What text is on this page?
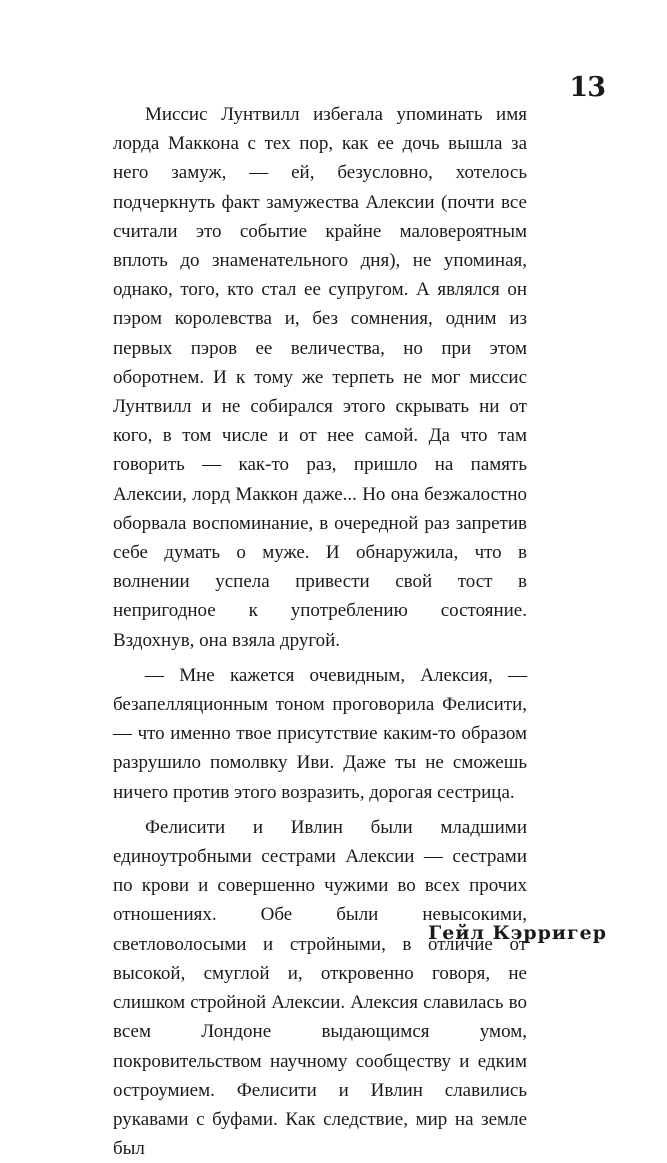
13

Миссис Лунтвилл избегала упоминать имя лорда Маккона с тех пор, как ее дочь вышла за него замуж, — ей, безусловно, хотелось подчеркнуть факт замужества Алексии (почти все считали это событие крайне маловероятным вплоть до знаменательного дня), не упоминая, однако, того, кто стал ее супругом. А являлся он пэром королевства и, без сомнения, одним из первых пэров ее величества, но при этом оборотнем. И к тому же терпеть не мог миссис Лунтвилл и не собирался этого скрывать ни от кого, в том числе и от нее самой. Да что там говорить — как-то раз, пришло на память Алексии, лорд Маккон даже... Но она безжалостно оборвала воспоминание, в очередной раз запретив себе думать о муже. И обнаружила, что в волнении успела привести свой тост в непригодное к употреблению состояние. Вздохнув, она взяла другой.

— Мне кажется очевидным, Алексия, — безапелляционным тоном проговорила Фелисити, — что именно твое присутствие каким-то образом разрушило помолвку Иви. Даже ты не сможешь ничего против этого возразить, дорогая сестрица.

Фелисити и Ивлин были младшими единоутробными сестрами Алексии — сестрами по крови и совершенно чужими во всех прочих отношениях. Обе были невысокими, светловолосыми и стройными, в отличие от высокой, смуглой и, откровенно говоря, не слишком стройной Алексии. Алексия славилась во всем Лондоне выдающимся умом, покровительством научному сообществу и едким остроумием. Фелисити и Ивлин славились рукавами с буфами. Как следствие, мир на земле был

Гейл Кэрригер
